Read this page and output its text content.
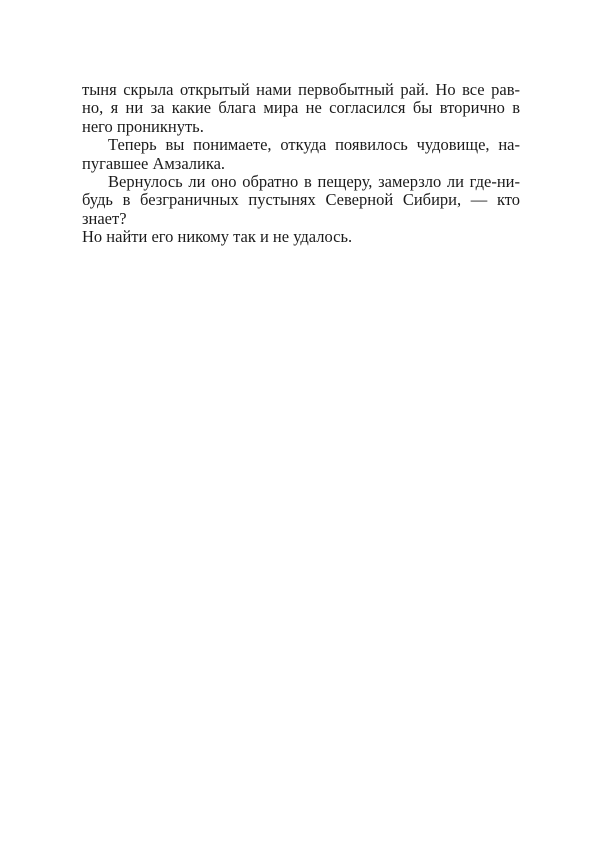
тыня скрыла открытый нами первобытный рай. Но все рав-
но, я ни за какие блага мира не согласился бы вторично в
него проникнуть.
Теперь вы понимаете, откуда появилось чудовище, на-
пугавшее Амзалика.
Вернулось ли оно обратно в пещеру, замерзло ли где-ни-
будь в безграничных пустынях Северной Сибири, — кто знает?
Но найти его никому так и не удалось.
